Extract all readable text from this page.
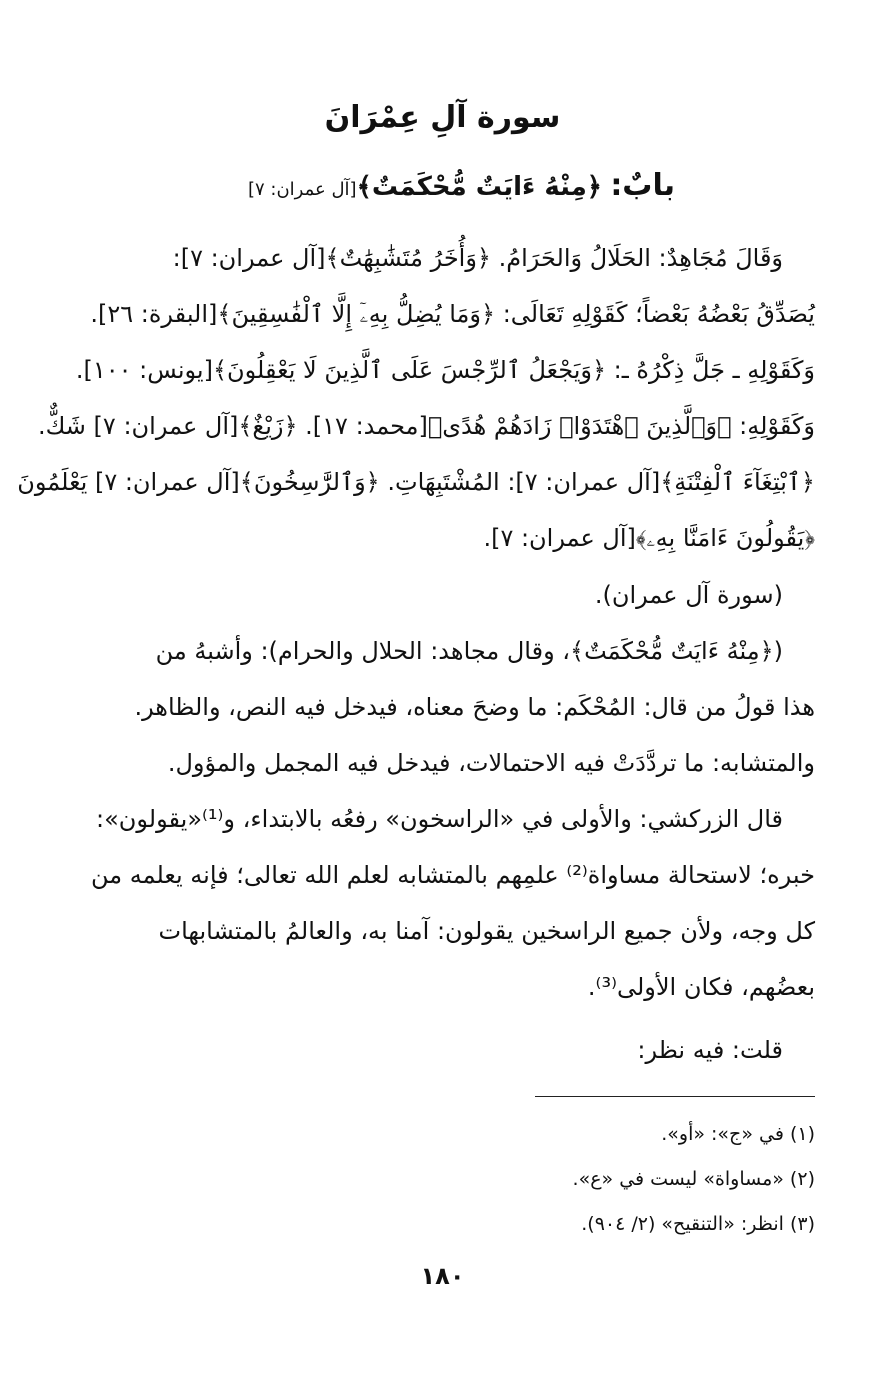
سورة آلِ عِمْرَانَ
بابٌ: ﴿مِنْهُ ءَايَتٌ مُّحْكَمَتٌ﴾[آل عمران: ٧]
وَقَالَ مُجَاهِدٌ: الحَلَالُ وَالحَرَامُ. ﴿وَأُخَرُ مُتَشَٰبِهَٰتٌ﴾[آل عمران: ٧]:
يُصَدِّقُ بَعْضُهُ بَعْضاً؛ كَقَوْلِهِ تَعَالَى: ﴿وَمَا يُضِلُّ بِهِۦٓ إِلَّا ٱلْفَٰسِقِينَ﴾[البقرة: ٢٦].
وَكَقَوْلِهِ ـ جَلَّ ذِكْرُهُ ـ: ﴿وَيَجْعَلُ ٱلرِّجْسَ عَلَى ٱلَّذِينَ لَا يَعْقِلُونَ﴾[يونس: ١٠٠].
وَكَقَوْلِهِ: ﴿وَٱلَّذِينَ ٱهْتَدَوْا۟ زَادَهُمْ هُدًى﴾[محمد: ١٧]. ﴿زَيْغٌ﴾[آل عمران: ٧] شَكٌّ.
﴿ٱبْتِغَآءَ ٱلْفِتْنَةِ﴾[آل عمران: ٧]: المُشْتَبِهَاتِ. ﴿وَٱلرَّٰسِخُونَ﴾[آل عمران: ٧] يَعْلَمُونَ
﴿يَقُولُونَ ءَامَنَّا بِهِۦ﴾[آل عمران: ٧].
(سورة آل عمران).
(﴿مِنْهُ ءَايَتٌ مُّحْكَمَتٌ﴾، وقال مجاهد: الحلال والحرام): وأشبهُ من
هذا قولُ من قال: المُحْكَم: ما وضحَ معناه، فيدخل فيه النص، والظاهر.
والمتشابه: ما تردَّدَتْ فيه الاحتمالات، فيدخل فيه المجمل والمؤول.
قال الزركشي: والأولى في «الراسخون» رفعُه بالابتداء، و⁽¹⁾«يقولون»:
خبره؛ لاستحالة مساواة⁽²⁾ علمِهم بالمتشابه لعلم الله تعالى؛ فإنه يعلمه من
كل وجه، ولأن جميع الراسخين يقولون: آمنا به، والعالمُ بالمتشابهات
بعضُهم، فكان الأولى⁽³⁾.
قلت: فيه نظر:
(١) في «ج»: «أو».
(٢) «مساواة» ليست في «ع».
(٣) انظر: «التنقيح» (٢/ ٩٠٤).
١٨٠
